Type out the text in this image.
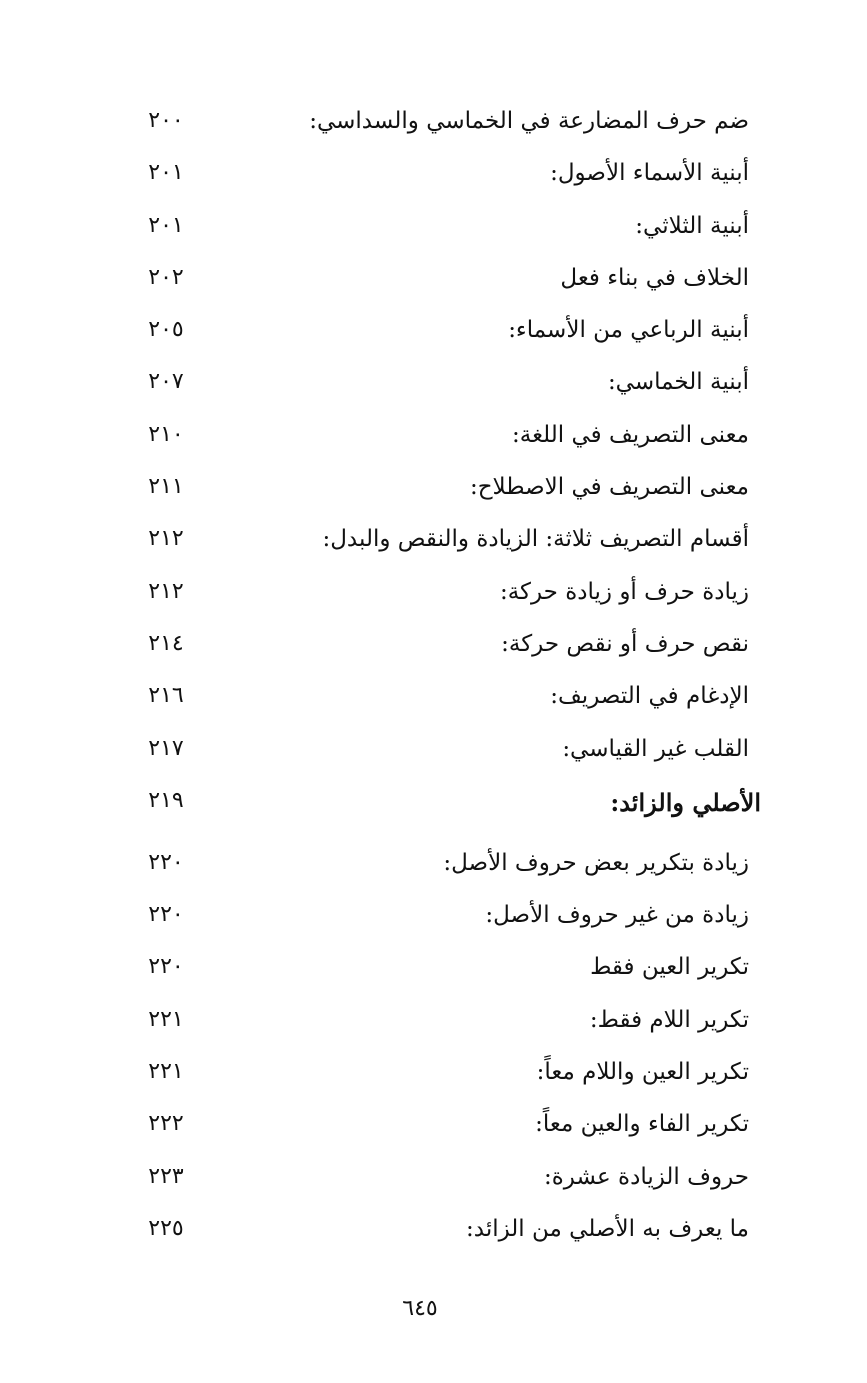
ضم حرف المضارعة في الخماسي والسداسي:
٢٠٠
أبنية الأسماء الأصول:
٢٠١
أبنية الثلاثي:
٢٠١
الخلاف في بناء فعل
٢٠٢
أبنية الرباعي من الأسماء:
٢٠٥
أبنية الخماسي:
٢٠٧
معنى التصريف في اللغة:
٢١٠
معنى التصريف في الاصطلاح:
٢١١
أقسام التصريف ثلاثة: الزيادة والنقص والبدل:
٢١٢
زيادة حرف أو زيادة حركة:
٢١٢
نقص حرف أو نقص حركة:
٢١٤
الإدغام في التصريف:
٢١٦
القلب غير القياسي:
٢١٧
الأصلي والزائد:
٢١٩
زيادة بتكرير بعض حروف الأصل:
٢٢٠
زيادة من غير حروف الأصل:
٢٢٠
تكرير العين فقط
٢٢٠
تكرير اللام فقط:
٢٢١
تكرير العين واللام معاً:
٢٢١
تكرير الفاء والعين معاً:
٢٢٢
حروف الزيادة عشرة:
٢٢٣
ما يعرف به الأصلي من الزائد:
٢٢٥
٦٤٥
